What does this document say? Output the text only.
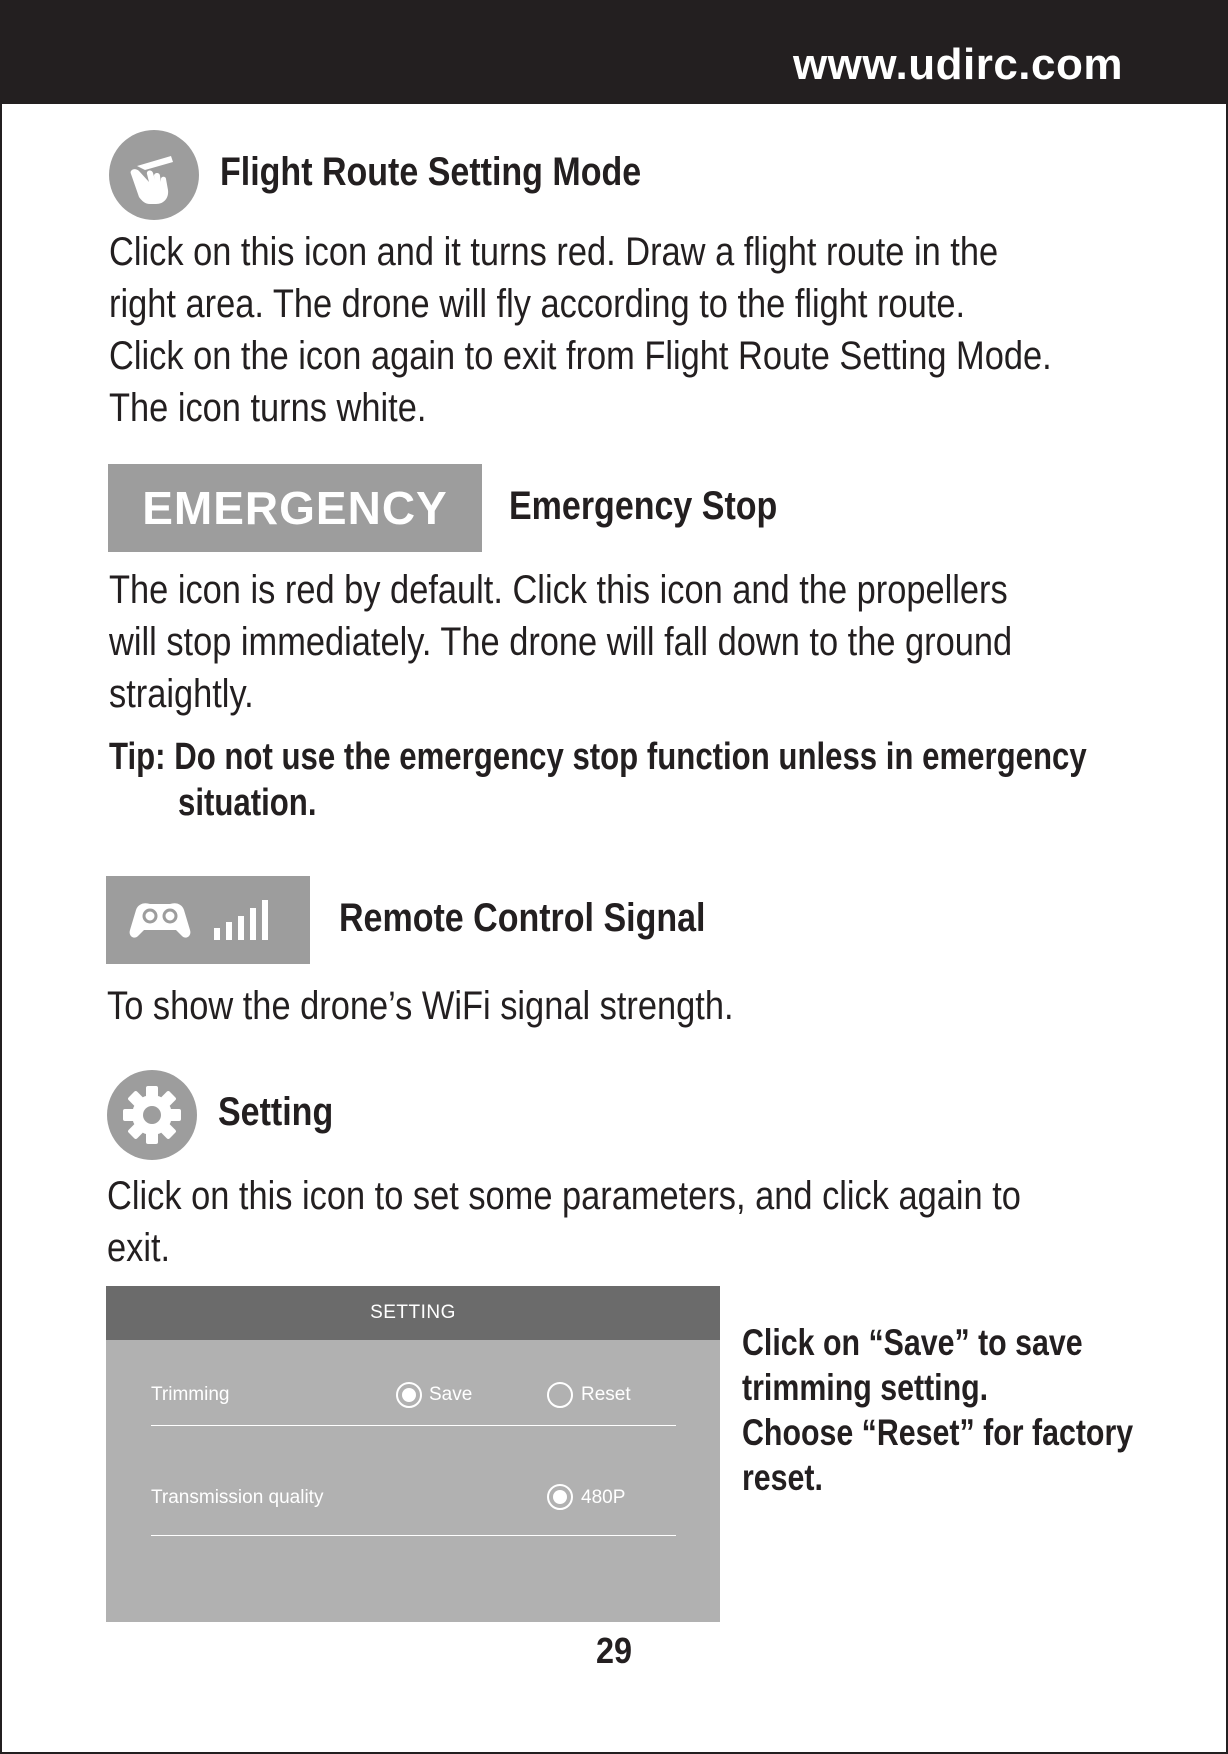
www.udirc.com
Flight Route Setting Mode
Click on this icon and it turns red. Draw a flight route in the
right area. The drone will fly according to the flight route.
Click on the icon again to exit from Flight Route Setting Mode.
The icon turns white.
EMERGENCY	Emergency Stop
The icon is red by default. Click this icon and the propellers
will stop immediately. The drone will fall down to the ground
straightly.
Tip: Do not use the emergency stop function unless in emergency
situation.
Remote Control Signal
To show the drone’s WiFi signal strength.
Setting
Click on this icon to set some parameters, and click again to
exit.
SETTING
Trimming	Save	Reset
Transmission quality	480P
Click on “Save” to save
trimming setting.
Choose “Reset” for factory
reset.
29
